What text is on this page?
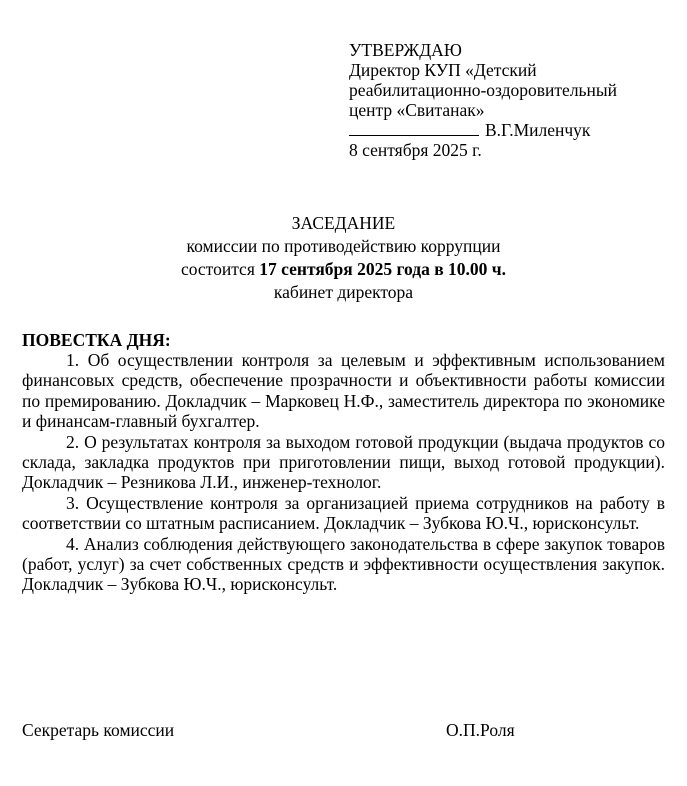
УТВЕРЖДАЮ
Директор КУП «Детский
реабилитационно-оздоровительный
центр «Свитанак»
В.Г.Миленчук
8 сентября 2025 г.
ЗАСЕДАНИЕ
комиссии по противодействию коррупции
состоится 17 сентября 2025 года в 10.00 ч.
кабинет директора
ПОВЕСТКА ДНЯ:

1. Об осуществлении контроля за целевым и эффективным использованием финансовых средств, обеспечение прозрачности и объективности работы комиссии по премированию. Докладчик – Марковец Н.Ф., заместитель директора по экономике и финансам-главный бухгалтер.

2. О результатах контроля за выходом готовой продукции (выдача продуктов со склада, закладка продуктов при приготовлении пищи, выход готовой продукции). Докладчик – Резникова Л.И., инженер-технолог.

3. Осуществление контроля за организацией приема сотрудников на работу в соответствии со штатным расписанием. Докладчик – Зубкова Ю.Ч., юрисконсульт.

4. Анализ соблюдения действующего законодательства в сфере закупок товаров (работ, услуг) за счет собственных средств и эффективности осуществления закупок. Докладчик – Зубкова Ю.Ч., юрисконсульт.

Секретарь комиссии	О.П.Роля
